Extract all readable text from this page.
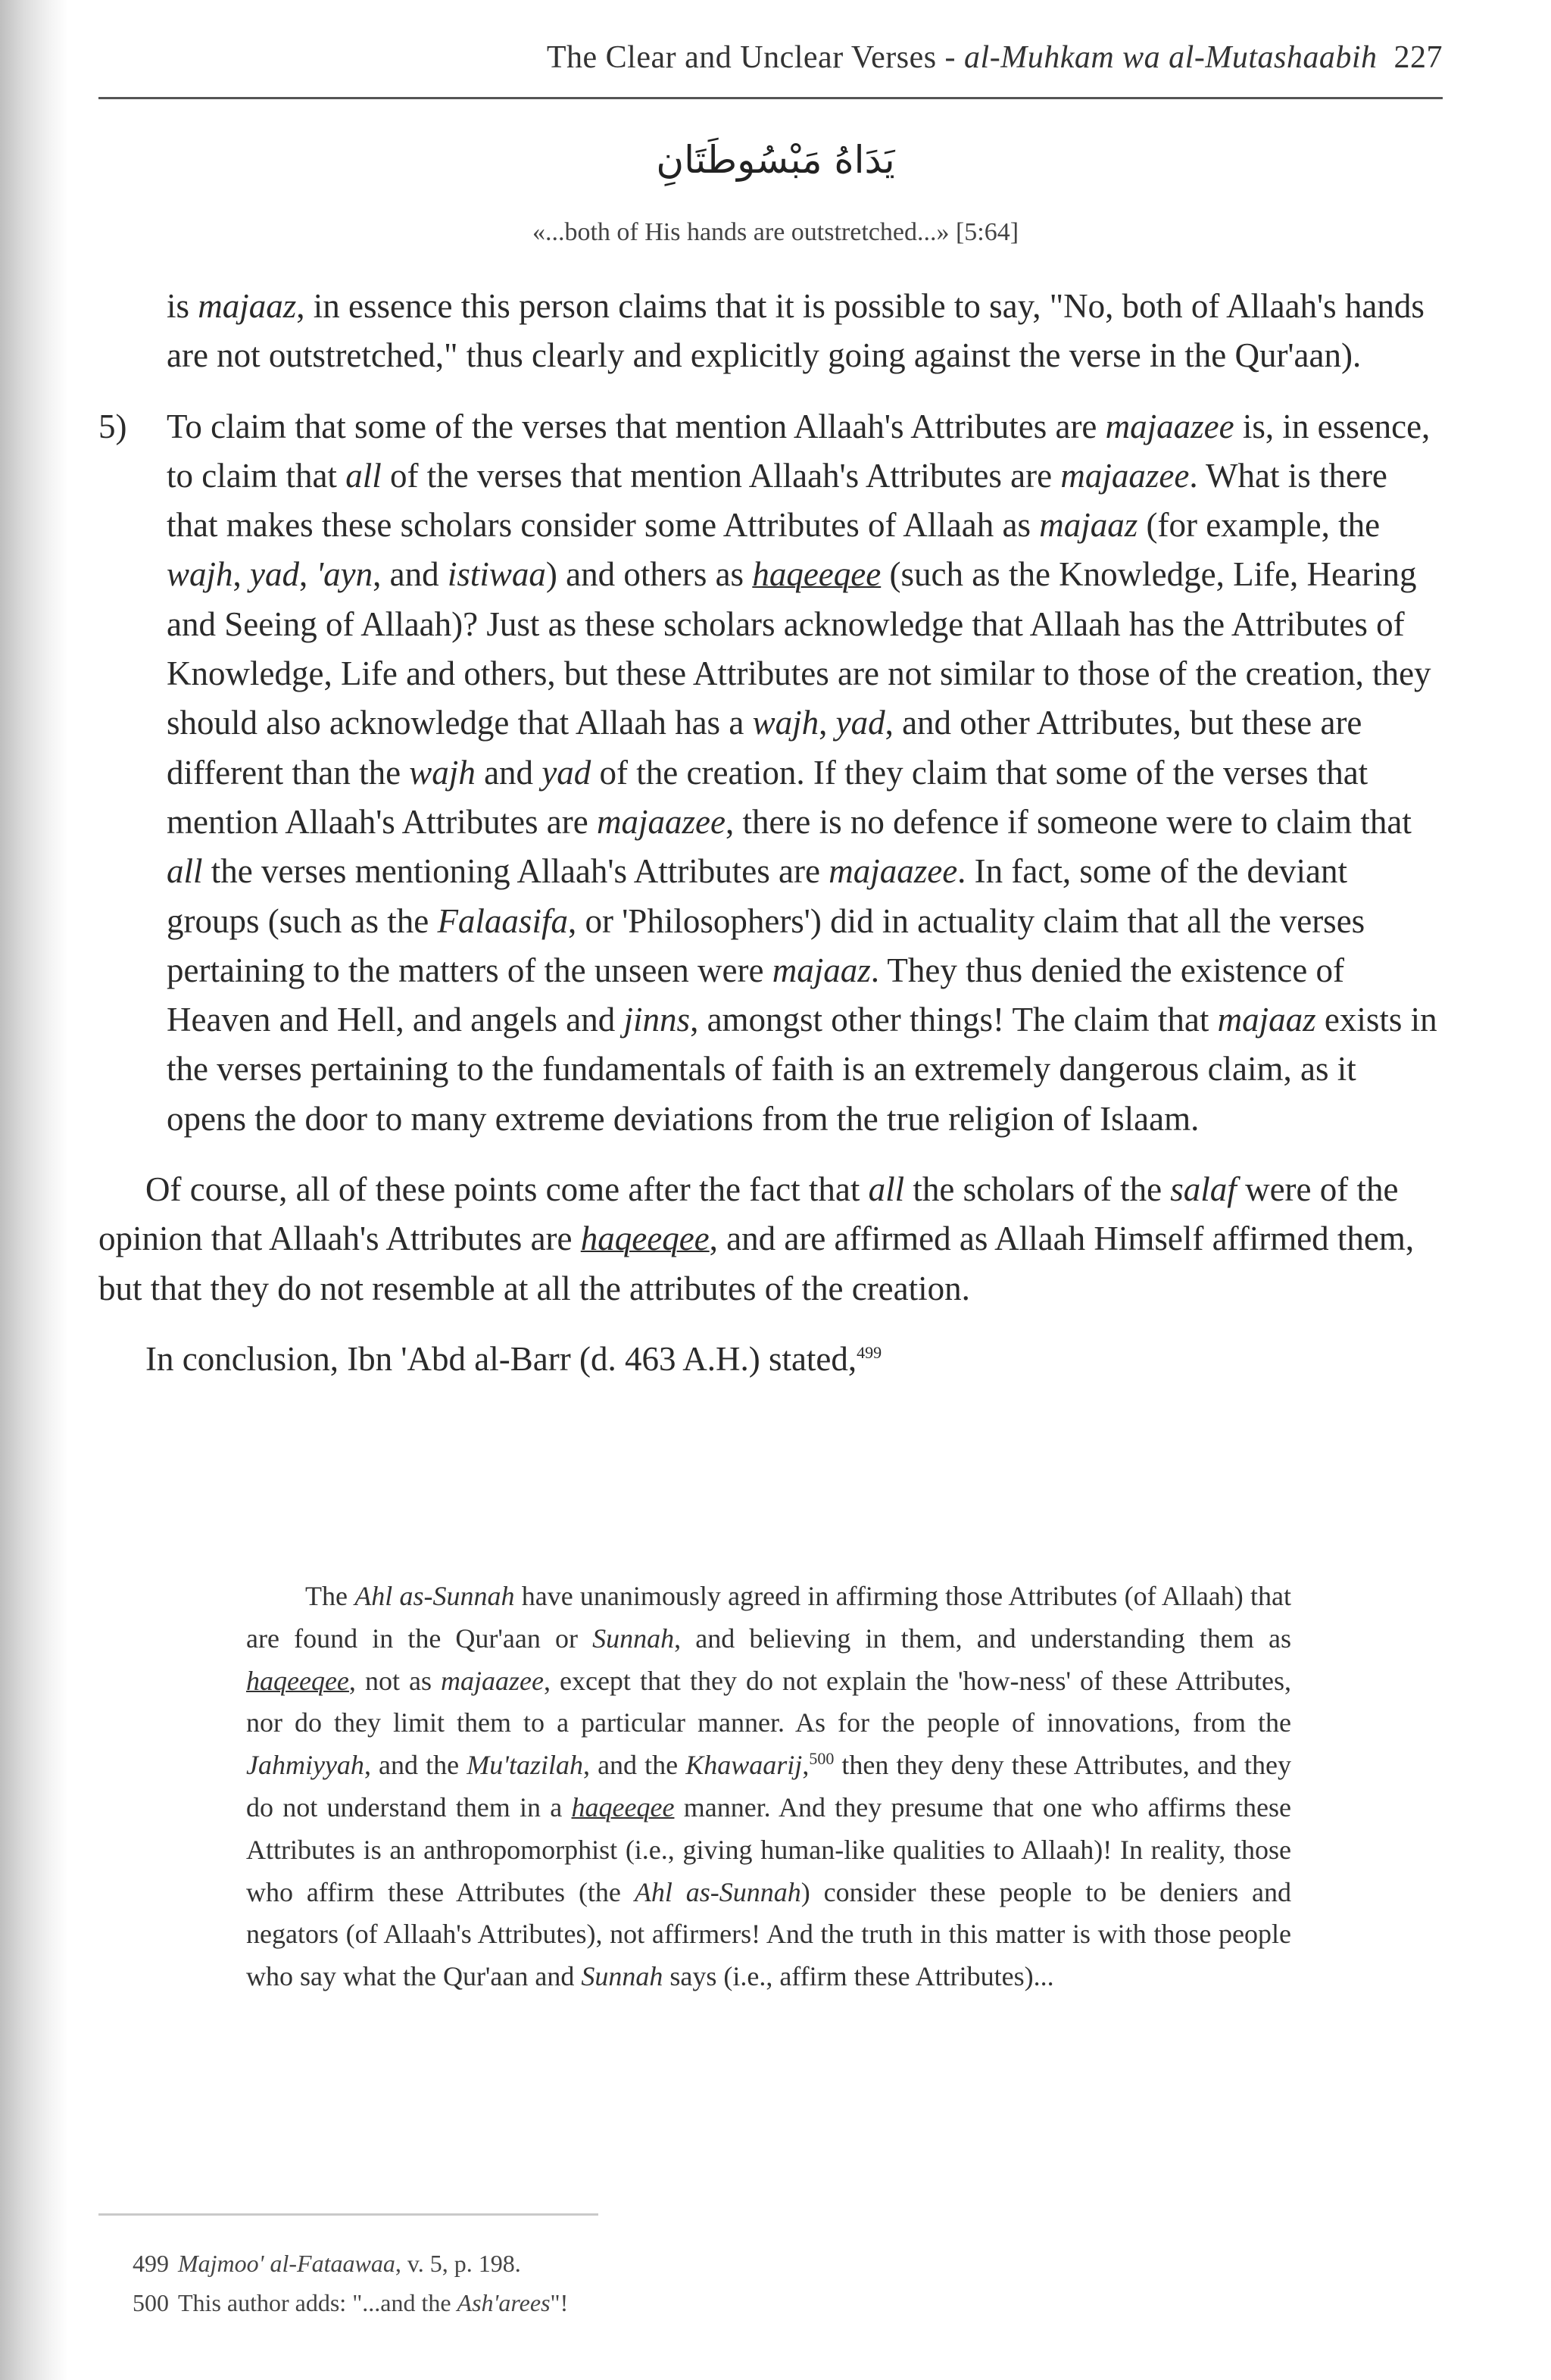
The Clear and Unclear Verses - al-Muhkam wa al-Mutashaabih 227
يَدَاهُ مَبْسُوطَتَانِ
«...both of His hands are outstretched...» [5:64]

is majaaz, in essence this person claims that it is possible to say, "No, both of Allaah's hands are not outstretched," thus clearly and explicitly going against the verse in the Qur'aan).

5) To claim that some of the verses that mention Allaah's Attributes are majaazee is, in essence, to claim that all of the verses that mention Allaah's Attributes are majaazee. What is there that makes these scholars consider some Attributes of Allaah as majaaz (for example, the wajh, yad, 'ayn, and istiwaa) and others as haqeeqee (such as the Knowledge, Life, Hearing and Seeing of Allaah)? Just as these scholars acknowledge that Allaah has the Attributes of Knowledge, Life and others, but these Attributes are not similar to those of the creation, they should also acknowledge that Allaah has a wajh, yad, and other Attributes, but these are different than the wajh and yad of the creation. If they claim that some of the verses that mention Allaah's Attributes are majaazee, there is no defence if someone were to claim that all the verses mentioning Allaah's Attributes are majaazee. In fact, some of the deviant groups (such as the Falaasifa, or 'Philosophers') did in actuality claim that all the verses pertaining to the matters of the unseen were majaaz. They thus denied the existence of Heaven and Hell, and angels and jinns, amongst other things! The claim that majaaz exists in the verses pertaining to the fundamentals of faith is an extremely dangerous claim, as it opens the door to many extreme deviations from the true religion of Islaam.

Of course, all of these points come after the fact that all the scholars of the salaf were of the opinion that Allaah's Attributes are haqeeqee, and are affirmed as Allaah Himself affirmed them, but that they do not resemble at all the attributes of the creation.

In conclusion, Ibn 'Abd al-Barr (d. 463 A.H.) stated,$^{499}$

The Ahl as-Sunnah have unanimously agreed in affirming those Attributes (of Allaah) that are found in the Qur'aan or Sunnah, and believing in them, and understanding them as haqeeqee, not as majaazee, except that they do not explain the 'how-ness' of these Attributes, nor do they limit them to a particular manner. As for the people of innovations, from the Jahmiyyah, and the Mu'tazilah, and the Khawaarij,$^{500}$ then they deny these Attributes, and they do not understand them in a haqeeqee manner. And they presume that one who affirms these Attributes is an anthropomorphist (i.e., giving human-like qualities to Allaah)! In reality, those who affirm these Attributes (the Ahl as-Sunnah) consider these people to be deniers and negators (of Allaah's Attributes), not affirmers! And the truth in this matter is with those people who say what the Qur'aan and Sunnah says (i.e., affirm these Attributes)...
499 Majmoo' al-Fataawaa, v. 5, p. 198.
500 This author adds: "...and the Ash'arees"!
